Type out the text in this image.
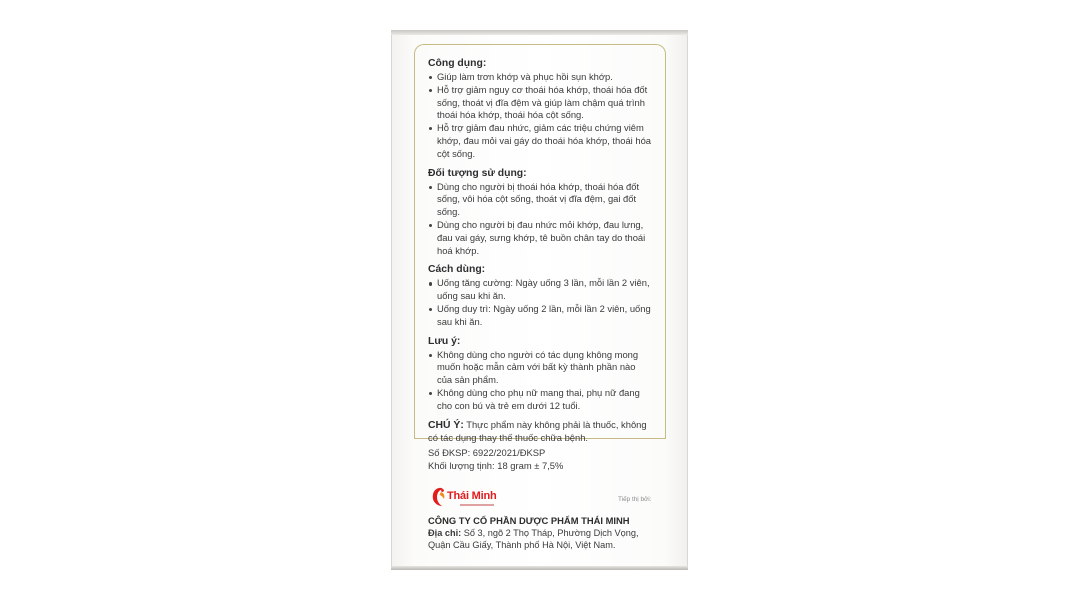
Công dụng:
Giúp làm trơn khớp và phục hồi sụn khớp.
Hỗ trợ giảm nguy cơ thoái hóa khớp, thoái hóa đốt sống, thoát vị đĩa đệm và giúp làm chậm quá trình thoái hóa khớp, thoái hóa cột sống.
Hỗ trợ giảm đau nhức, giảm các triệu chứng viêm khớp, đau mỏi vai gáy do thoái hóa khớp, thoái hóa cột sống.
Đối tượng sử dụng:
Dùng cho người bị thoái hóa khớp, thoái hóa đốt sống, vôi hóa cột sống, thoát vị đĩa đệm, gai đốt sống.
Dùng cho người bị đau nhức mỏi khớp, đau lưng, đau vai gáy, sưng khớp, tê buồn chân tay do thoái hoá khớp.
Cách dùng:
Uống tăng cường: Ngày uống 3 lần, mỗi lần 2 viên, uống sau khi ăn.
Uống duy trì: Ngày uống 2 lần, mỗi lần 2 viên, uống sau khi ăn.
Lưu ý:
Không dùng cho người có tác dụng không mong muốn hoặc mẫn cảm với bất kỳ thành phần nào của sản phẩm.
Không dùng cho phụ nữ mang thai, phụ nữ đang cho con bú và trẻ em dưới 12 tuổi.
CHÚ Ý: Thực phẩm này không phải là thuốc, không có tác dụng thay thế thuốc chữa bệnh.
Số ĐKSP: 6922/2021/ĐKSP
Khối lượng tịnh: 18 gram ± 7,5%
Thái Minh	Tiếp thị bởi:
CÔNG TY CỔ PHẦN DƯỢC PHẨM THÁI MINH
Địa chỉ: Số 3, ngõ 2 Thọ Tháp, Phường Dịch Vọng, Quận Cầu Giấy, Thành phố Hà Nội, Việt Nam.
